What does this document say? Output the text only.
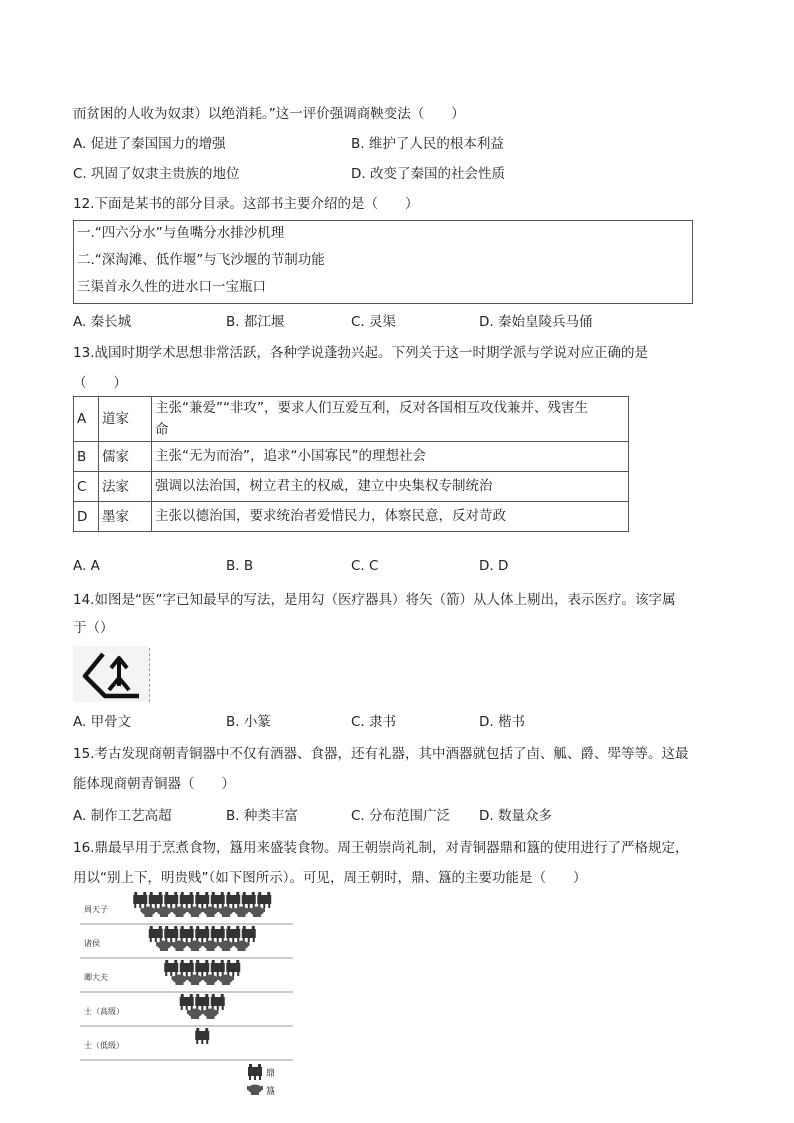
而贫困的人收为奴隶）以绝消耗。”这一评价强调商鞅变法（　　）
A. 促进了秦国国力的增强	B. 维护了人民的根本利益
C. 巩固了奴隶主贵族的地位	D. 改变了秦国的社会性质
12.下面是某书的部分目录。这部书主要介绍的是（　　）
一.“四六分水”与鱼嘴分水排沙机理
二.“深淘滩、低作堰”与飞沙堰的节制功能
三渠首永久性的进水口一宝瓶口
A. 秦长城	B. 都江堰	C. 灵渠	D. 秦始皇陵兵马俑
13.战国时期学术思想非常活跃，各种学说蓬勃兴起。下列关于这一时期学派与学说对应正确的是
（　　）
A	道家	主张“兼爱”“非攻”，要求人们互爱互利，反对各国相互攻伐兼并、残害生
命

B	儒家	主张“无为而治”，追求“小国寡民”的理想社会
C	法家	强调以法治国，树立君主的权威，建立中央集权专制统治
D	墨家	主张以德治国，要求统治者爱惜民力，体察民意，反对苛政
A. A	B. B	C. C	D. D
14.如图是“医”字已知最早的写法，是用勾（医疗器具）将矢（箭）从人体上剔出，表示医疗。该字属
于（）
A. 甲骨文	B. 小篆	C. 隶书	D. 楷书
15.考古发现商朝青铜器中不仅有酒器、食器，还有礼器，其中酒器就包括了卣、觚、爵、斝等等。这最
能体现商朝青铜器（　　）
A. 制作工艺高超	B. 种类丰富	C. 分布范围广泛 D. 数量众多
16.鼎最早用于烹煮食物，簋用来盛装食物。周王朝崇尚礼制，对青铜器鼎和簋的使用进行了严格规定，
用以“别上下，明贵贱”（如下图所示）。可见，周王朝时，鼎、簋的主要功能是（　　）
周天子
诸侯
卿大夫
士（高级）
士（低级）
鼎
簋
